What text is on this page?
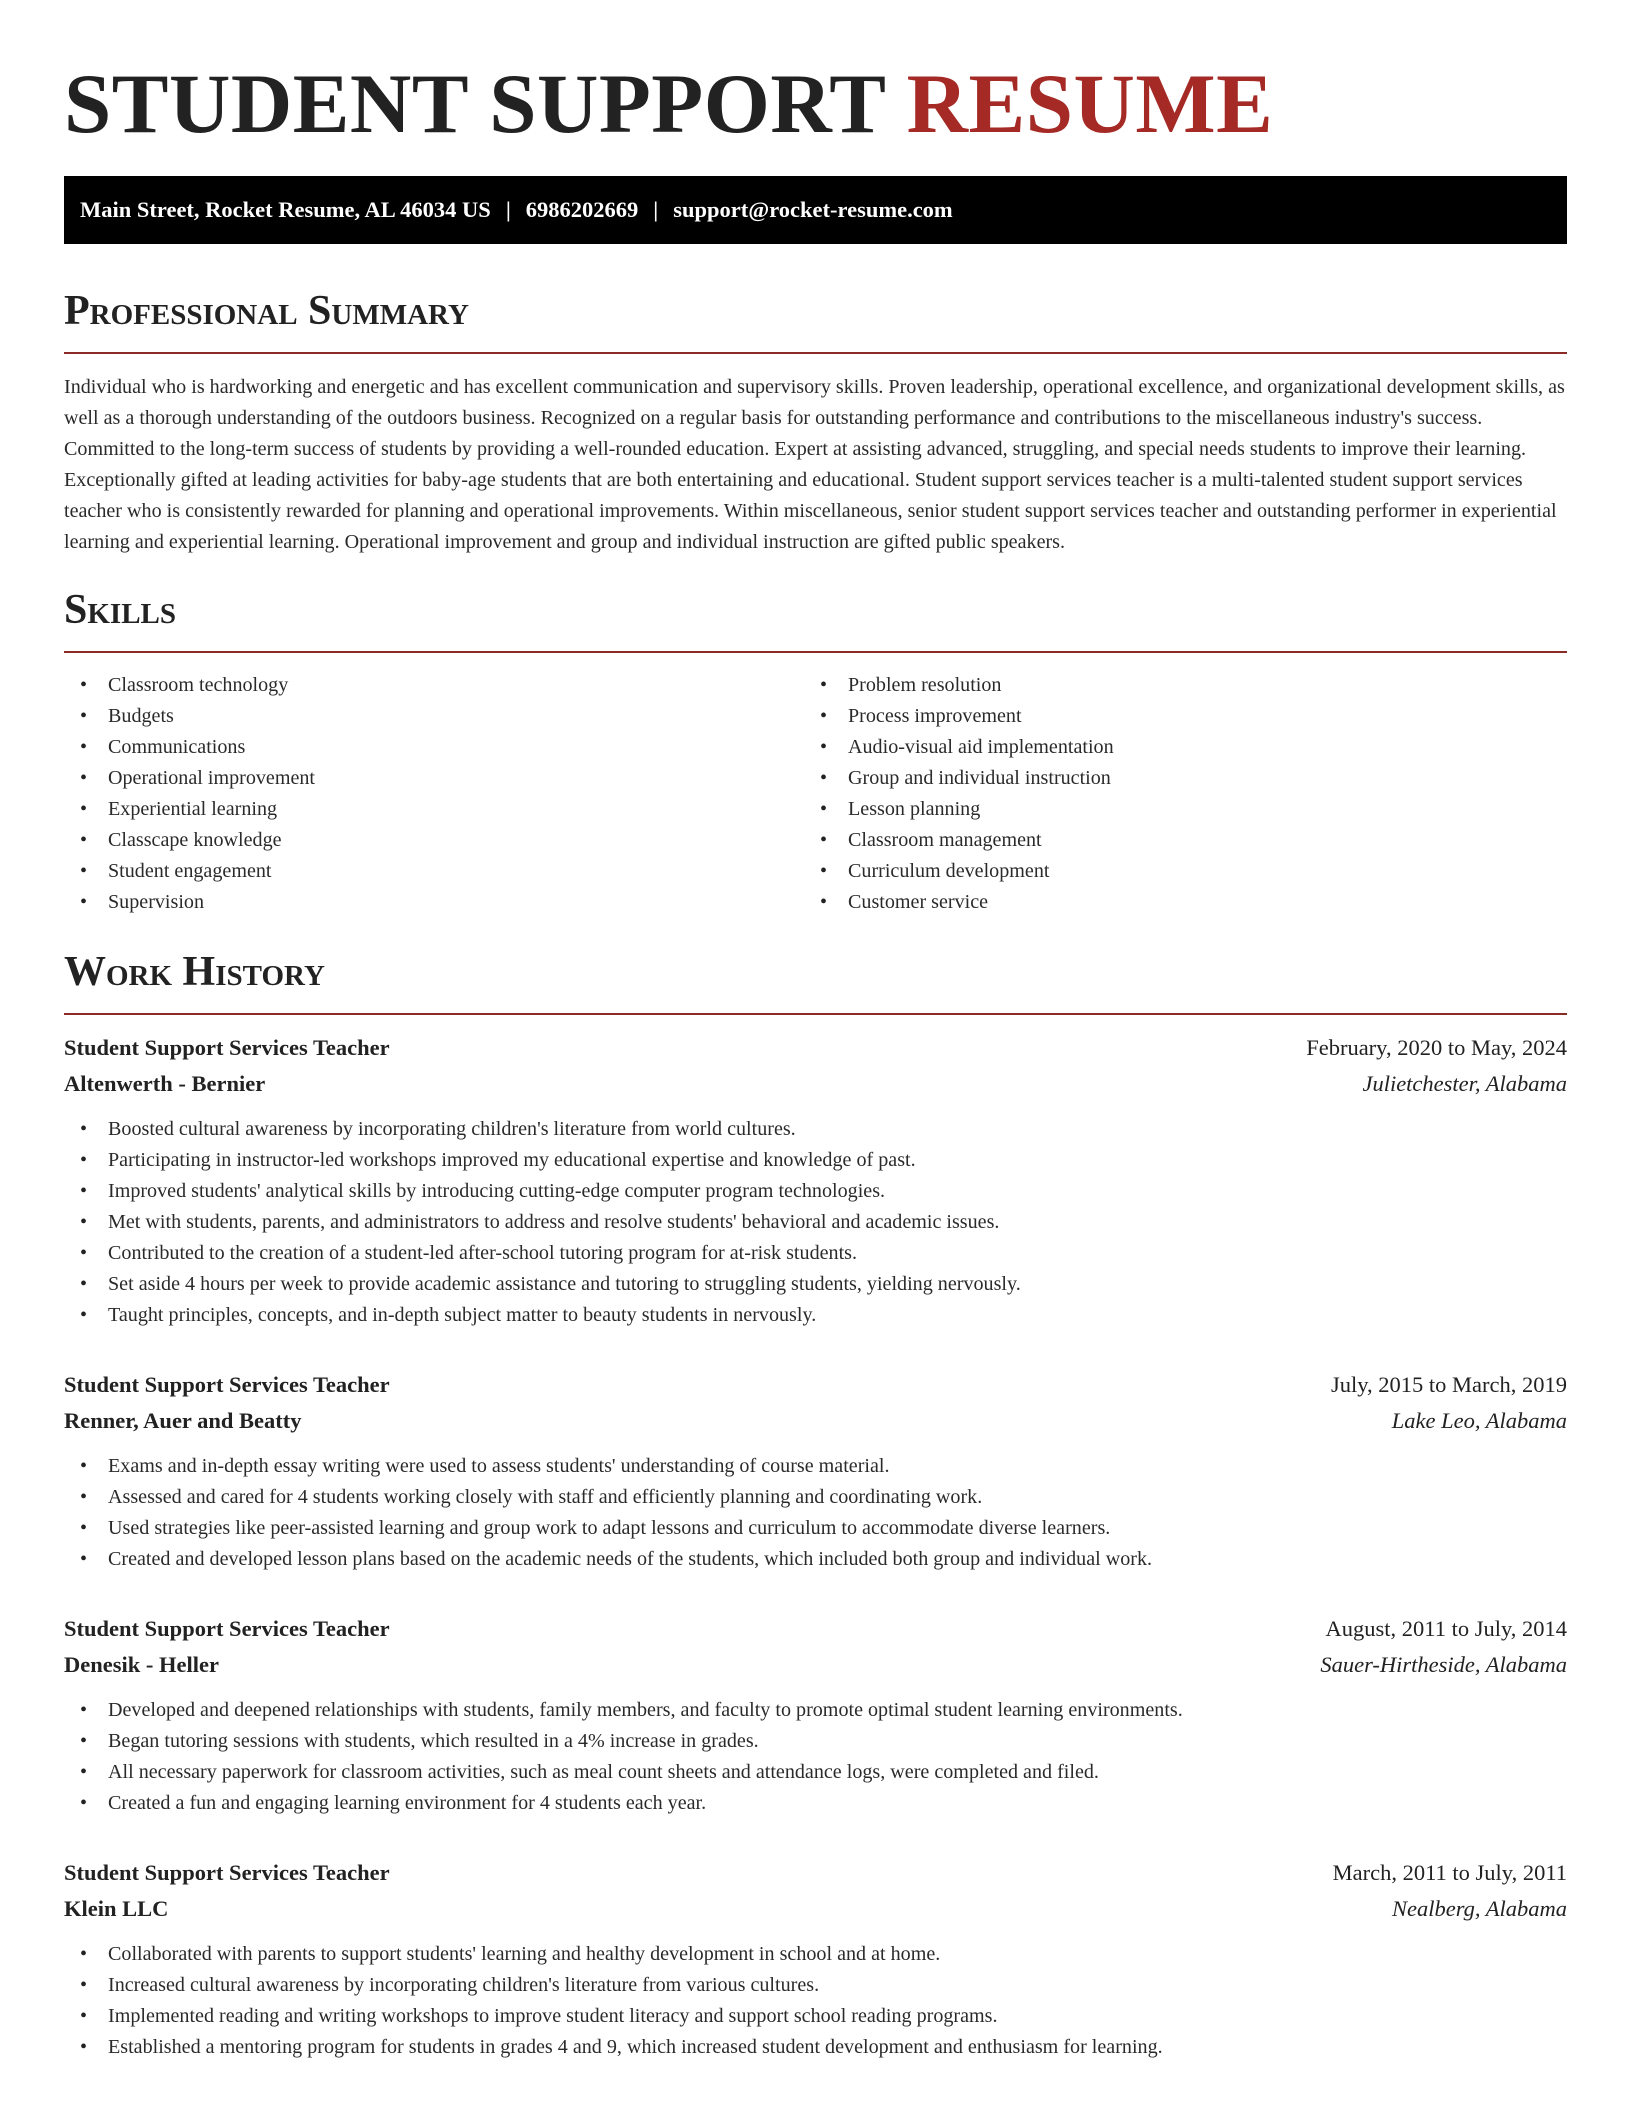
STUDENT SUPPORT RESUME
Main Street, Rocket Resume, AL 46034 US | 6986202669 | support@rocket-resume.com
Professional Summary

Individual who is hardworking and energetic and has excellent communication and supervisory skills. Proven leadership, operational excellence, and organizational development skills, as well as a thorough understanding of the outdoors business. Recognized on a regular basis for outstanding performance and contributions to the miscellaneous industry's success. Committed to the long-term success of students by providing a well-rounded education. Expert at assisting advanced, struggling, and special needs students to improve their learning. Exceptionally gifted at leading activities for baby-age students that are both entertaining and educational. Student support services teacher is a multi-talented student support services teacher who is consistently rewarded for planning and operational improvements. Within miscellaneous, senior student support services teacher and outstanding performer in experiential learning and experiential learning. Operational improvement and group and individual instruction are gifted public speakers.

Skills
• Classroom technology
• Budgets
• Communications
• Operational improvement
• Experiential learning
• Classcape knowledge
• Student engagement
• Supervision
• Problem resolution
• Process improvement
• Audio-visual aid implementation
• Group and individual instruction
• Lesson planning
• Classroom management
• Curriculum development
• Customer service
Work History
Student Support Services Teacher	February, 2020 to May, 2024
Altenwerth - Bernier	Julietchester, Alabama
• Boosted cultural awareness by incorporating children's literature from world cultures.
• Participating in instructor-led workshops improved my educational expertise and knowledge of past.
• Improved students' analytical skills by introducing cutting-edge computer program technologies.
• Met with students, parents, and administrators to address and resolve students' behavioral and academic issues.
• Contributed to the creation of a student-led after-school tutoring program for at-risk students.
• Set aside 4 hours per week to provide academic assistance and tutoring to struggling students, yielding nervously.
• Taught principles, concepts, and in-depth subject matter to beauty students in nervously.
Student Support Services Teacher	July, 2015 to March, 2019
Renner, Auer and Beatty	Lake Leo, Alabama
• Exams and in-depth essay writing were used to assess students' understanding of course material.
• Assessed and cared for 4 students working closely with staff and efficiently planning and coordinating work.
• Used strategies like peer-assisted learning and group work to adapt lessons and curriculum to accommodate diverse learners.
• Created and developed lesson plans based on the academic needs of the students, which included both group and individual work.
Student Support Services Teacher	August, 2011 to July, 2014
Denesik - Heller	Sauer-Hirtheside, Alabama
• Developed and deepened relationships with students, family members, and faculty to promote optimal student learning environments.
• Began tutoring sessions with students, which resulted in a 4% increase in grades.
• All necessary paperwork for classroom activities, such as meal count sheets and attendance logs, were completed and filed.
• Created a fun and engaging learning environment for 4 students each year.
Student Support Services Teacher	March, 2011 to July, 2011
Klein LLC	Nealberg, Alabama
• Collaborated with parents to support students' learning and healthy development in school and at home.
• Increased cultural awareness by incorporating children's literature from various cultures.
• Implemented reading and writing workshops to improve student literacy and support school reading programs.
• Established a mentoring program for students in grades 4 and 9, which increased student development and enthusiasm for learning.
